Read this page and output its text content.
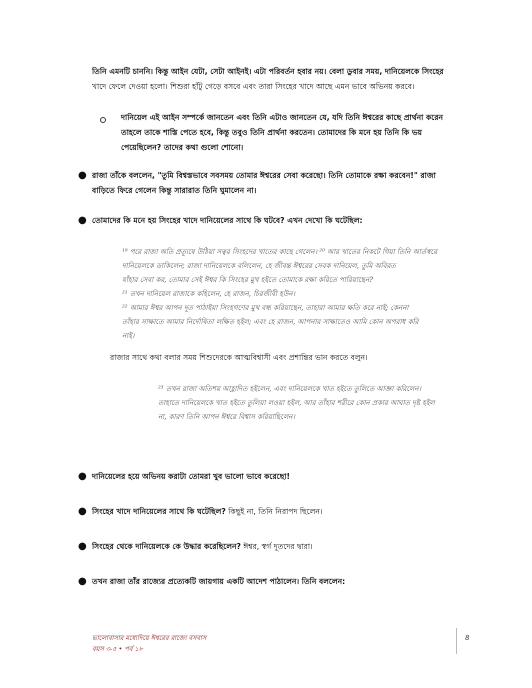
তিনি এমনটি চাননি। কিন্তু আইন যেটা, সেটা আইনই। এটা পরিবর্তন হবার নয়। বেলা ডুবার সময়, দানিয়েলকে সিংহের

খাদে ফেলে দেওয়া হলো। শিশুরা হাঁটু গেড়ে বসবে এবং তারা সিংহের খাদে আছে এমন ভাবে অভিনয় করবে।

দানিয়েল এই আইন সম্পর্কে জানতেন এবং তিনি এটাও জানতেন যে, যদি তিনি ঈশ্বরের কাছে প্রার্থনা করেন

তাহলে তাকে শাস্তি পেতে হবে, কিন্তু তবুও তিনি প্রার্থনা করতেন। তোমাদের কি মনে হয় তিনি কি ভয়

পেয়েছিলেন? তাদের কথা গুলো শোনো।

● রাজা তাঁকে বললেন, "তুমি বিশ্বস্তভাবে সবসময় তোমার ঈশ্বরের সেবা করেছো। তিনি তোমাকে রক্ষা করবেন!" রাজা

বাড়িতে ফিরে গেলেন কিন্তু সারারাত তিনি ঘুমালেন না।

● তোমাদের কি মনে হয় সিংহের খাদে দানিয়েলের সাথে কি ঘটবে? এখন দেখো কি ঘটেছিল:

¹⁹ পরে রাজা অতি প্রত্যূষে উঠিয়া সত্বর সিংহদের খাতের কাছে গেলেন। ²⁰ আর খাতের নিকটে গিয়া তিনি আর্তস্বরে

দানিয়েলকে ডাকিলেন; রাজা দানিয়েলকে বলিলেন, হে জীবন্ত ঈশ্বরের সেবক দানিয়েল, তুমি অবিরত

যাঁহার সেবা কর, তোমার সেই ঈশ্বর কি সিংহের মুখ হইতে তোমাকে রক্ষা করিতে পারিয়াছেন?

²¹ তখন দানিয়েল রাজাকে কহিলেন, হে রাজন, চিরজীবী হউন।

²² আমার ঈশ্বর আপন দূত পাঠাইয়া সিংহগণের মুখ বন্ধ করিয়াছেন, তাহারা আমার ক্ষতি করে নাই; কেননা

তাঁহার সাক্ষাতে আমার নির্দোষিতা লক্ষিত হইল; এবং হে রাজন, আপনার সাক্ষাতেও আমি কোন অপরাধ করি

নাই।

রাজার সাথে কথা বলার সময় শিশুদেরকে আত্মবিশ্বাসী এবং প্রশান্তির ভান করতে বলুন।

²³ তখন রাজা অতিশয় আহ্লাদিত হইলেন, এবং দানিয়েলকে খাত হইতে তুলিতে আজ্ঞা করিলেন।

তাহাতে দানিয়েলকে খাত হইতে তুলিয়া লওয়া হইল, আর তাঁহার শরীরে কোন প্রকার আঘাত দৃষ্ট হইল

না, কারণ তিনি আপন ঈশ্বরে বিশ্বাস করিয়াছিলেন।

● দানিয়েলের হয়ে অভিনয় করাটা তোমরা খুব ভালো ভাবে করেছো!

● সিংহের খাদে দানিয়েলের সাথে কি ঘটেছিল? কিছুই না, তিনি নিরাপদ ছিলেন।

● সিংহের থেকে দানিয়েলকে কে উদ্ধার করেছিলেন? ঈশ্বর, স্বর্গ দূতদের দ্বারা।

● তখন রাজা তাঁর রাজ্যের প্রত্যেকটি জায়গায় একটি আদেশ পাঠালেন। তিনি বললেন:

ভালোবাসার মধ্যেদিয়ে ঈশ্বরের রাজ্যে বসবাস
বয়স ৩-৫ • পর্ব ১৮
8
